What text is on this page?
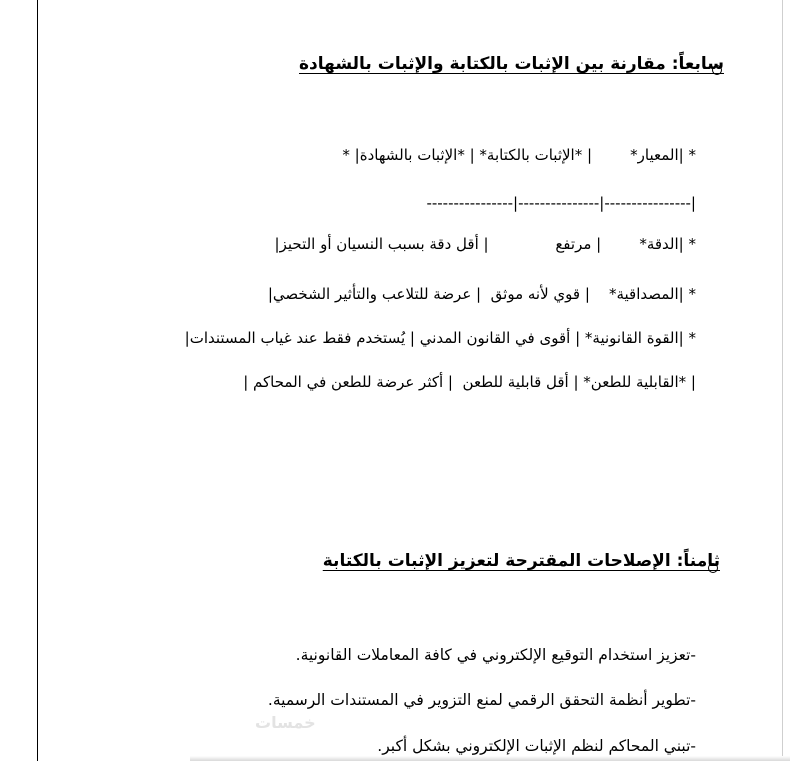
سابعاً: مقارنة بين الإثبات بالكتابة والإثبات بالشهادة
* |المعيار*        | *الإثبات بالكتابة* | *الإثبات بالشهادة| *
|----------------|---------------|----------------
* |الدقة*        | مرتفع              | أقل دقة بسبب النسيان أو التحيز|
* |المصداقية*    | قوي لأنه موثق  | عرضة للتلاعب والتأثير الشخصي|
* |القوة القانونية* | أقوى في القانون المدني | يُستخدم فقط عند غياب المستندات|
| *القابلية للطعن* | أقل قابلية للطعن  | أكثر عرضة للطعن في المحاكم |
ثامناً: الإصلاحات المقترحة لتعزيز الإثبات بالكتابة
-تعزيز استخدام التوقيع الإلكتروني في كافة المعاملات القانونية.
-تطوير أنظمة التحقق الرقمي لمنع التزوير في المستندات الرسمية.
-تبني المحاكم لنظم الإثبات الإلكتروني بشكل أكبر.
خمسات
